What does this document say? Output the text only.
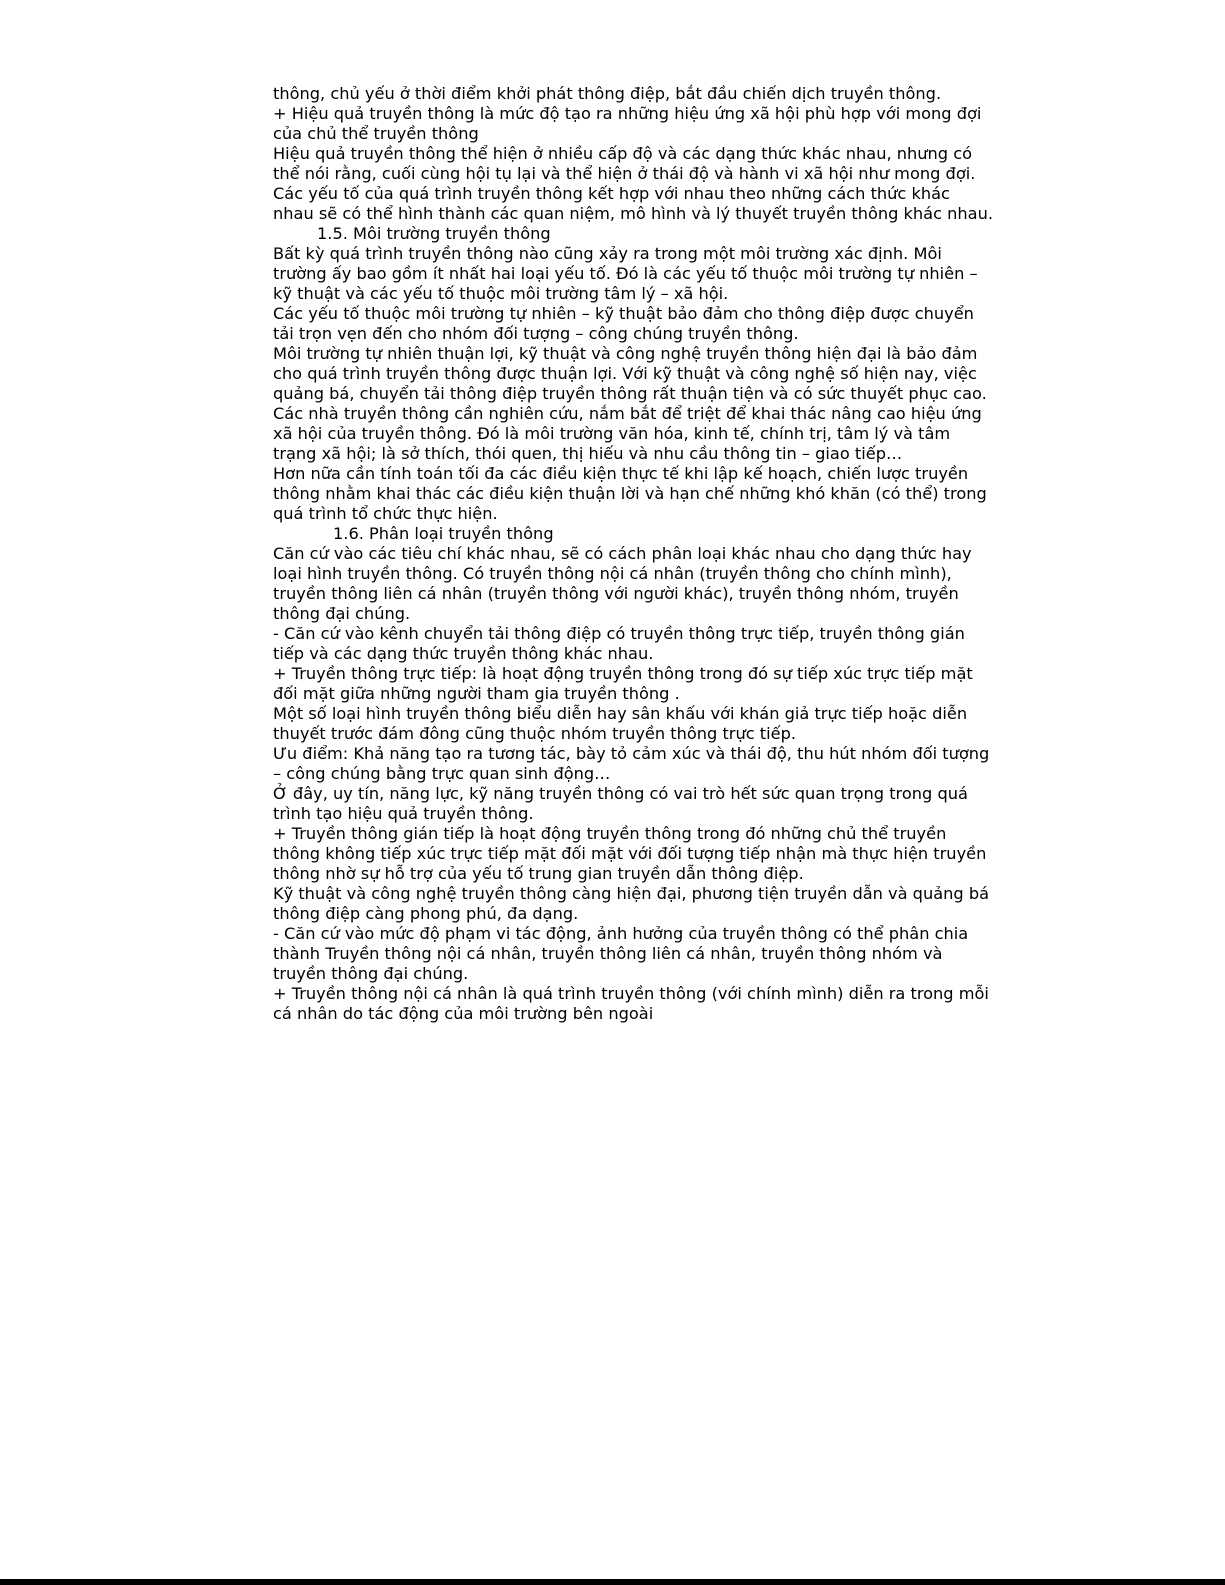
thông, chủ yếu ở thời điểm khởi phát thông điệp, bắt đầu chiến dịch truyền thông.

+ Hiệu quả truyền thông là mức độ tạo ra những hiệu ứng xã hội phù hợp với mong đợi của chủ thể truyền thông

Hiệu quả truyền thông thể hiện ở nhiều cấp độ và các dạng thức khác nhau, nhưng có thể nói rằng, cuối cùng hội tụ lại và thể hiện ở thái độ và hành vi xã hội như mong đợi.

Các yếu tố của quá trình truyền thông kết hợp với nhau theo những cách thức khác nhau sẽ có thể hình thành các quan niệm, mô hình và lý thuyết truyền thông khác nhau.

1.5. Môi trường truyền thông

Bất kỳ quá trình truyền thông nào cũng xảy ra trong một môi trường xác định. Môi trường ấy bao gồm ít nhất hai loại yếu tố. Đó là các yếu tố thuộc môi trường tự nhiên – kỹ thuật và các yếu tố thuộc môi trường tâm lý – xã hội.

Các yếu tố thuộc môi trường tự nhiên – kỹ thuật bảo đảm cho thông điệp được chuyển tải trọn vẹn đến cho nhóm đối tượng – công chúng truyền thông.

Môi trường tự nhiên thuận lợi, kỹ thuật và công nghệ truyền thông hiện đại là bảo đảm cho quá trình truyền thông được thuận lợi. Với kỹ thuật và công nghệ số hiện nay, việc quảng bá, chuyển tải thông điệp truyền thông rất thuận tiện và có sức thuyết phục cao.

Các nhà truyền thông cần nghiên cứu, nắm bắt để triệt để khai thác nâng cao hiệu ứng xã hội của truyền thông. Đó là môi trường văn hóa, kinh tế, chính trị, tâm lý và tâm trạng xã hội; là sở thích, thói quen, thị hiếu và nhu cầu thông tin – giao tiếp…

Hơn nữa cần tính toán tối đa các điều kiện thực tế khi lập kế hoạch, chiến lược truyền thông nhằm khai thác các điều kiện thuận lời và hạn chế những khó khăn (có thể) trong quá trình tổ chức thực hiện.

1.6. Phân loại truyền thông

Căn cứ vào các tiêu chí khác nhau, sẽ có cách phân loại khác nhau cho dạng thức hay loại hình truyền thông. Có truyền thông nội cá nhân (truyền thông cho chính mình), truyền thông liên cá nhân (truyền thông với người khác), truyền thông nhóm, truyền thông đại chúng.

- Căn cứ vào kênh chuyển tải thông điệp có truyền thông trực tiếp, truyền thông gián tiếp và các dạng thức truyền thông khác nhau.

+ Truyền thông trực tiếp: là hoạt động truyền thông trong đó sự tiếp xúc trực tiếp mặt đối mặt giữa những người tham gia truyền thông .

Một số loại hình truyền thông biểu diễn hay sân khấu với khán giả trực tiếp hoặc diễn thuyết trước đám đông cũng thuộc nhóm truyền thông trực tiếp.

Ưu điểm: Khả năng tạo ra tương tác, bày tỏ cảm xúc và thái độ, thu hút nhóm đối tượng – công chúng bằng trực quan sinh động…

Ở đây, uy tín, năng lực, kỹ năng truyền thông có vai trò hết sức quan trọng trong quá trình tạo hiệu quả truyền thông.

+ Truyền thông gián tiếp là hoạt động truyền thông trong đó những chủ thể truyền thông không tiếp xúc trực tiếp mặt đối mặt với đối tượng tiếp nhận mà thực hiện truyền thông nhờ sự hỗ trợ của yếu tố trung gian truyền dẫn thông điệp.

Kỹ thuật và công nghệ truyền thông càng hiện đại, phương tiện truyền dẫn và quảng bá thông điệp càng phong phú, đa dạng.

- Căn cứ vào mức độ phạm vi tác động, ảnh hưởng của truyền thông có thể phân chia thành Truyền thông nội cá nhân, truyền thông liên cá nhân, truyền thông nhóm và truyền thông đại chúng.

+ Truyền thông nội cá nhân là quá trình truyền thông (với chính mình) diễn ra trong mỗi cá nhân do tác động của môi trường bên ngoài
